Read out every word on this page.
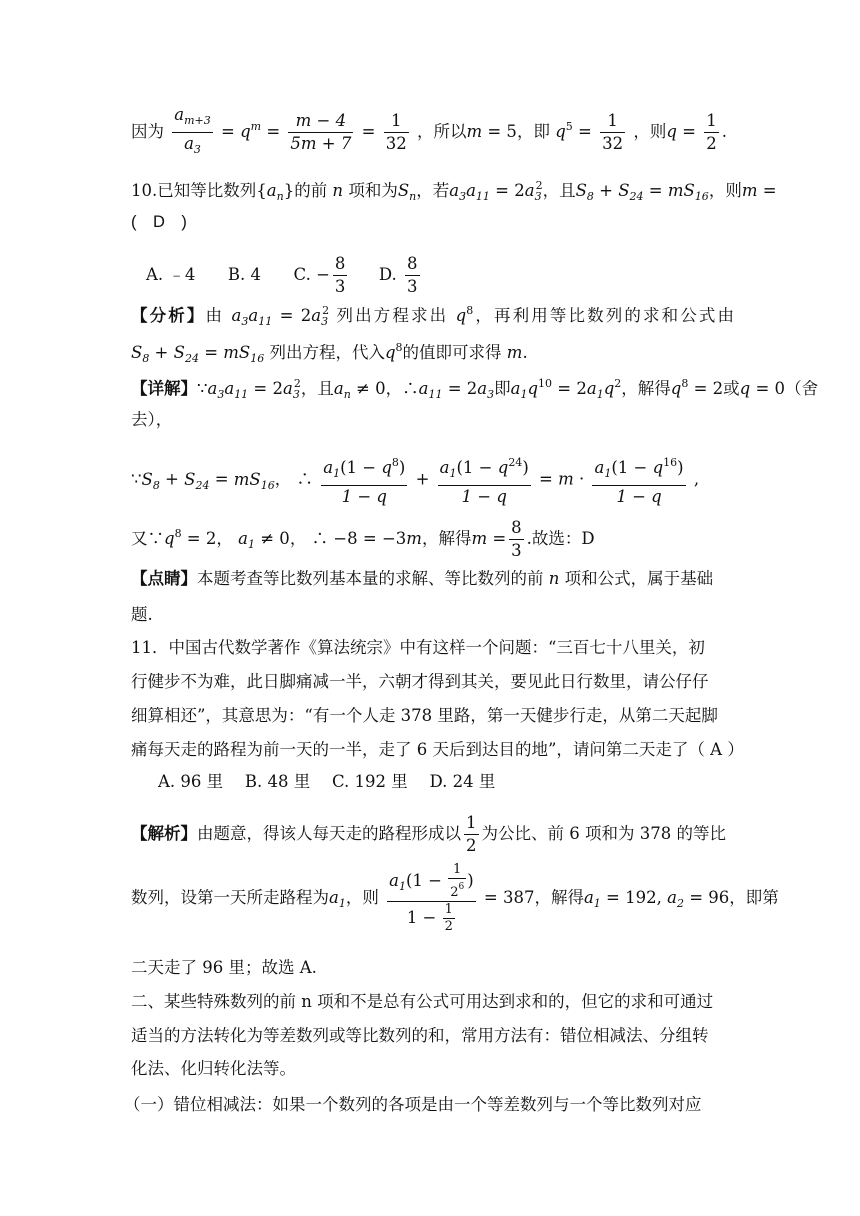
因为 $\frac{a_{m+3}}{a_3} = q^m = \frac{m - 4}{5m + 7} = \frac{1}{32}$ ，所以m = 5，即 $q^5 = \frac{1}{32}$ ，则$q = \frac{1}{2}$ .
10.已知等比数列$\{a_n\}$的前 n 项和为$S_n$，若$a_3a_{11} = 2a_3^2$，且$S_8 + S_{24} = mS_{16}$，则m =
(　D　)
A. ﹣4 B. 4 C. − $\frac{8}{3} D$. $\frac{8}{3}$
【分析】由 $a_3a_{11} = 2a_3^2$ 列出方程求出 $q^8$，再利用等比数列的求和公式由
$S_8 + S_{24} = mS_{16}$ 列出方程，代入$q^8$的值即可求得 m.
【详解】$\because a_3a_{11} = 2a_3^2$，且$a_n \ne 0$，$\therefore a_{11} = 2a_3$即$a_1q^{10} = 2a_1q^2$，解得$q^8 = 2$或q = 0（舍
去），
$\because S_8 + S_{24} = mS_{16}$， ∴ $\frac{a_1(1 - q^8)}{1 - q} + \frac{a_1(1 - q^{24})}{1 - q} = m \cdot \frac{a_1(1 - q^{16})}{1 - q}$ ,
又$\because q^8 = 2$， $a_1 \ne 0$， ∴ −8 = −3m，解得$m = \frac{8}{3}$ .故选：D
【点睛】本题考查等比数列基本量的求解、等比数列的前 n 项和公式，属于基础
题.
11．中国古代数学著作《算法统宗》中有这样一个问题：“三百七十八里关，初
行健步不为难，此日脚痛减一半，六朝才得到其关，要见此日行数里，请公仔仔
细算相还”，其意思为：“有一个人走 378 里路，第一天健步行走，从第二天起脚
痛每天走的路程为前一天的一半，走了 6 天后到达目的地”，请问第二天走了（ A ）
A. 96 里　 B. 48 里　 C. 192 里　 D. 24 里
【解析】由题意，得该人每天走的路程形成以 $\frac{1}{2}$ 为公比、前 6 项和为 378 的等比
数列，设第一天所走路程为$a_1$，则 $\frac{a_1(1 - \frac{1}{2^6} )}{1 - \frac{1}{2}} = 387$，解得$a_1 = 192$, $a_2 = 96$，即第
二天走了 96 里；故选 A.
二、某些特殊数列的前 n 项和不是总有公式可用达到求和的，但它的求和可通过
适当的方法转化为等差数列或等比数列的和，常用方法有：错位相减法、分组转
化法、化归转化法等。
（一）错位相减法：如果一个数列的各项是由一个等差数列与一个等比数列对应
